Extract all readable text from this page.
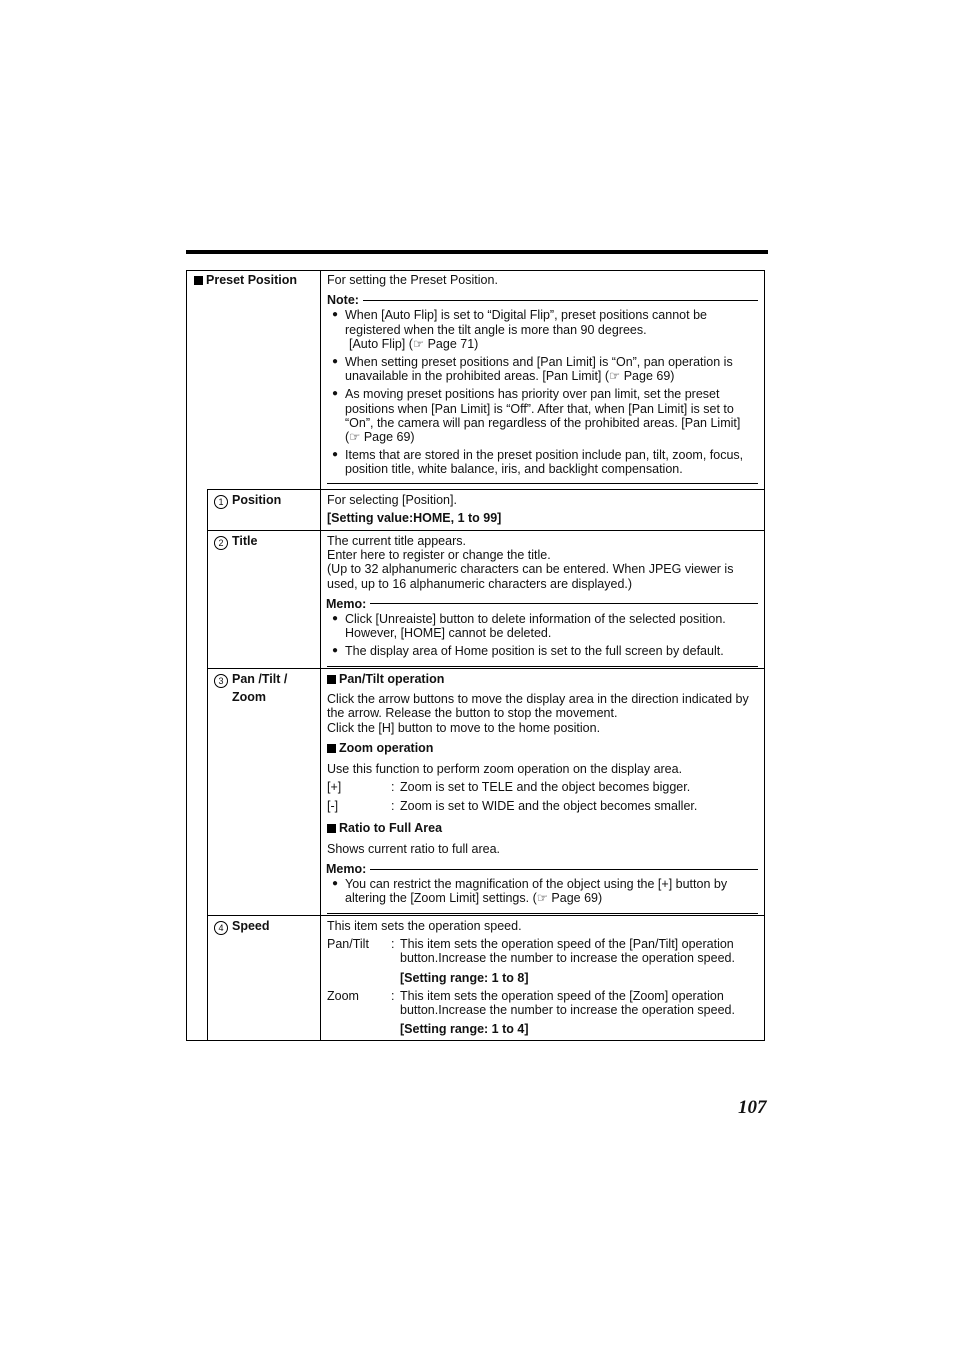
Preset Position	For setting the Preset Position.
Note:
● When [Auto Flip] is set to “Digital Flip”, preset positions cannot be registered when the tilt angle is more than 90 degrees.
[Auto Flip] (☞ Page 71)
● When setting preset positions and [Pan Limit] is “On”, pan operation is unavailable in the prohibited areas. [Pan Limit] (☞ Page 69)
● As moving preset positions has priority over pan limit, set the preset positions when [Pan Limit] is “Off”. After that, when [Pan Limit] is set to “On”, the camera will pan regardless of the prohibited areas. [Pan Limit] (☞ Page 69)
● Items that are stored in the preset position include pan, tilt, zoom, focus, position title, white balance, iris, and backlight compensation.
1 Position	For selecting [Position].
[Setting value:HOME, 1 to 99]
2 Title	The current title appears.
Enter here to register or change the title.
(Up to 32 alphanumeric characters can be entered. When JPEG viewer is used, up to 16 alphanumeric characters are displayed.)
Memo:
● Click [Unreaiste] button to delete information of the selected position. However, [HOME] cannot be deleted.
● The display area of Home position is set to the full screen by default.
3 Pan /Tilt /
Zoom
Pan/Tilt operation
Click the arrow buttons to move the display area in the direction indicated by the arrow. Release the button to stop the movement.
Click the [H] button to move to the home position.
Zoom operation
Use this function to perform zoom operation on the display area.
[+]	: Zoom is set to TELE and the object becomes bigger.
[-]	: Zoom is set to WIDE and the object becomes smaller.
Ratio to Full Area
Shows current ratio to full area.
Memo:
● You can restrict the magnification of the object using the [+] button by altering the [Zoom Limit] settings. (☞ Page 69)
4 Speed	This item sets the operation speed.
Pan/Tilt	: This item sets the operation speed of the [Pan/Tilt] operation button.Increase the number to increase the operation speed.
[Setting range: 1 to 8]
Zoom	: This item sets the operation speed of the [Zoom] operation button.Increase the number to increase the operation speed.
[Setting range: 1 to 4]
107
